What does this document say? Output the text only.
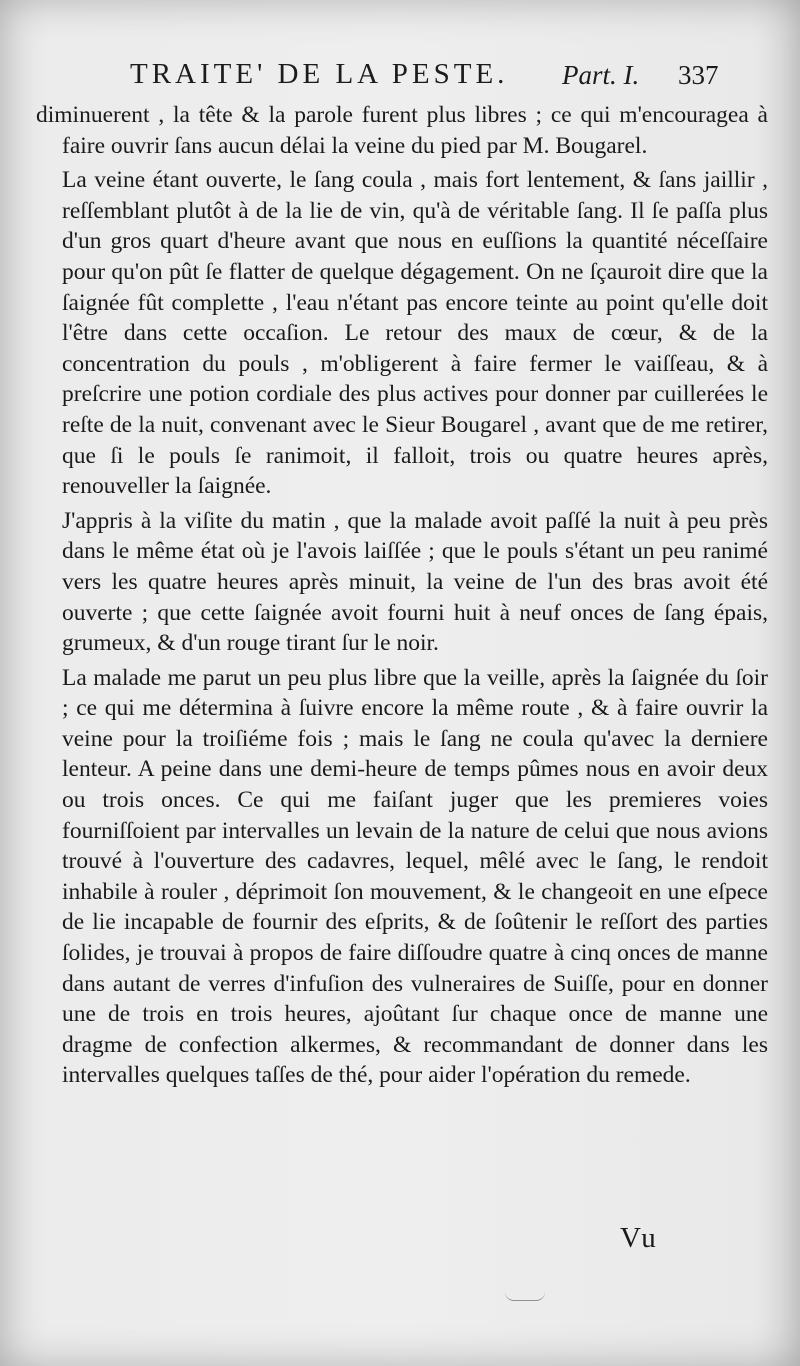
TRAITE' DE LA PESTE. Part. I. 337

diminuerent , la tête & la parole furent plus libres ; ce qui m'encouragea à faire ouvrir ſans aucun délai la veine du pied par M. Bougarel.

La veine étant ouverte, le ſang coula , mais fort lentement, & ſans jaillir , reſſemblant plutôt à de la lie de vin, qu'à de véritable ſang. Il ſe paſſa plus d'un gros quart d'heure avant que nous en euſſions la quantité néceſſaire pour qu'on pût ſe flatter de quelque dégagement. On ne ſçauroit dire que la ſaignée fût complette , l'eau n'étant pas encore teinte au point qu'elle doit l'être dans cette occaſion. Le retour des maux de cœur, & de la concentration du pouls , m'obligerent à faire fermer le vaiſſeau, & à preſcrire une potion cordiale des plus actives pour donner par cuillerées le reſte de la nuit, convenant avec le Sieur Bougarel , avant que de me retirer, que ſi le pouls ſe ranimoit, il falloit, trois ou quatre heures après, renouveller la ſaignée.

J'appris à la viſite du matin , que la malade avoit paſſé la nuit à peu près dans le même état où je l'avois laiſſée ; que le pouls s'étant un peu ranimé vers les quatre heures après minuit, la veine de l'un des bras avoit été ouverte ; que cette ſaignée avoit fourni huit à neuf onces de ſang épais, grumeux, & d'un rouge tirant ſur le noir.

La malade me parut un peu plus libre que la veille, après la ſaignée du ſoir ; ce qui me détermina à ſuivre encore la même route , & à faire ouvrir la veine pour la troiſiéme fois ; mais le ſang ne coula qu'avec la derniere lenteur. A peine dans une demi-heure de temps pûmes nous en avoir deux ou trois onces. Ce qui me faiſant juger que les premieres voies fourniſſoient par intervalles un levain de la nature de celui que nous avions trouvé à l'ouverture des cadavres, lequel, mêlé avec le ſang, le rendoit inhabile à rouler , déprimoit ſon mouvement, & le changeoit en une eſpece de lie incapable de fournir des eſprits, & de ſoûtenir le reſſort des parties ſolides, je trouvai à propos de faire diſſoudre quatre à cinq onces de manne dans autant de verres d'infuſion des vulneraires de Suiſſe, pour en donner une de trois en trois heures, ajoûtant ſur chaque once de manne une dragme de confection alkermes, & recommandant de donner dans les intervalles quelques taſſes de thé, pour aider l'opération du remede.

Vu
